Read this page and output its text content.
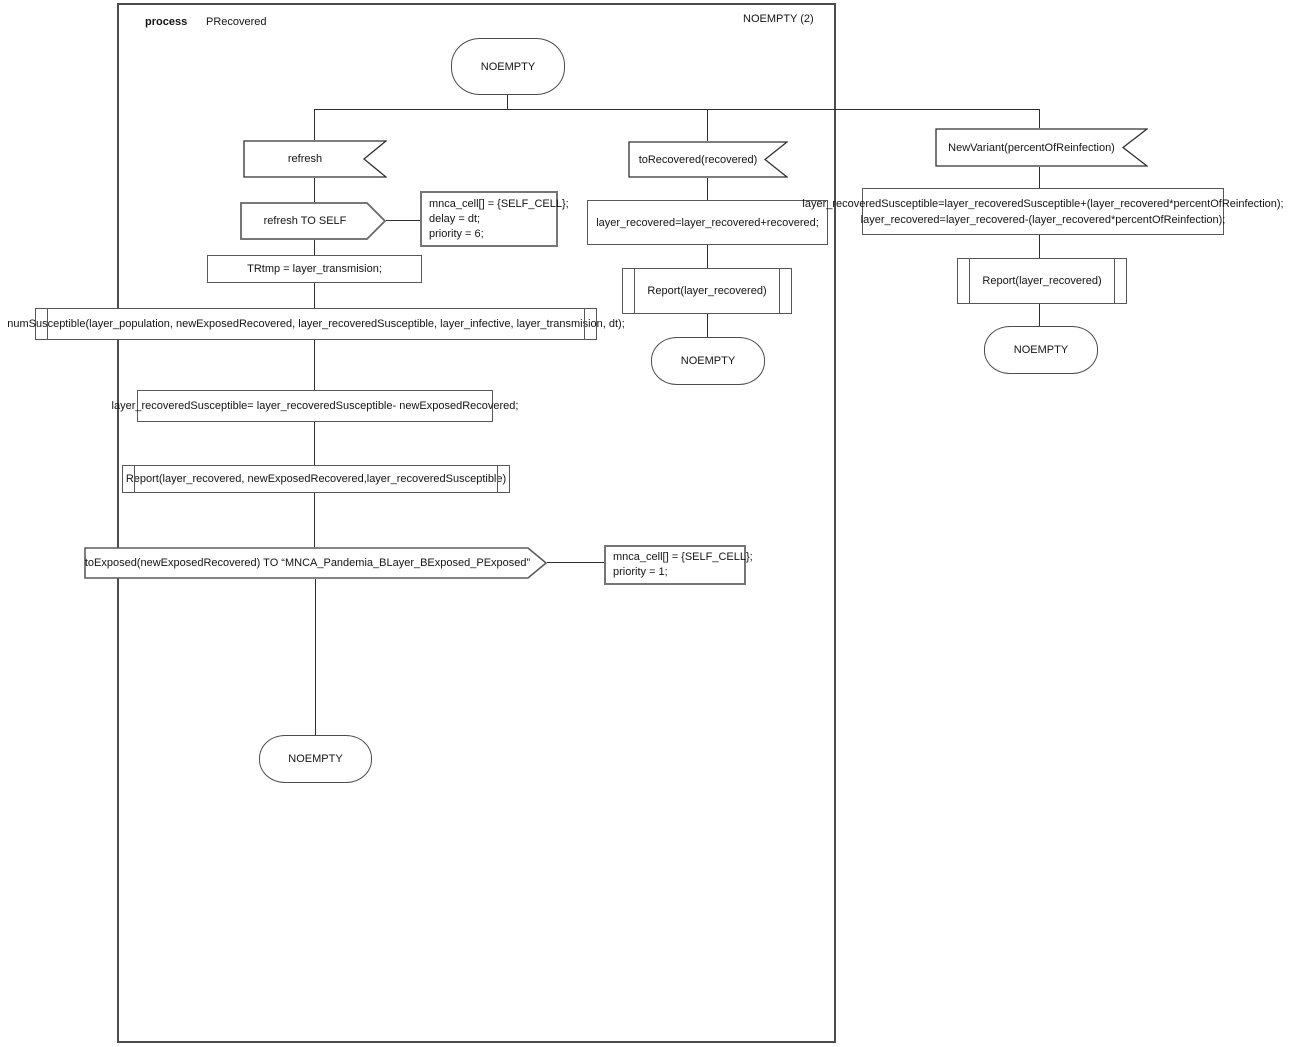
process PRecovered	NOEMPTY (2)
NOEMPTY
refresh
refresh TO SELF
mnca_cell[] = {SELF_CELL};
delay = dt;
priority = 6;
TRtmp = layer_transmision;
numSusceptible(layer_population, newExposedRecovered, layer_recoveredSusceptible, layer_infective, layer_transmision, dt);
layer_recoveredSusceptible= layer_recoveredSusceptible- newExposedRecovered;
Report(layer_recovered, newExposedRecovered,layer_recoveredSusceptible)
toExposed(newExposedRecovered) TO “MNCA_Pandemia_BLayer_BExposed_PExposed”	mnca_cell[] = {SELF_CELL};
priority = 1;
NOEMPTY
toRecovered(recovered)
layer_recovered=layer_recovered+recovered;
Report(layer_recovered)
NOEMPTY
NewVariant(percentOfReinfection)
layer_recoveredSusceptible=layer_recoveredSusceptible+(layer_recovered*percentOfReinfection);
layer_recovered=layer_recovered-(layer_recovered*percentOfReinfection);
Report(layer_recovered)
NOEMPTY
